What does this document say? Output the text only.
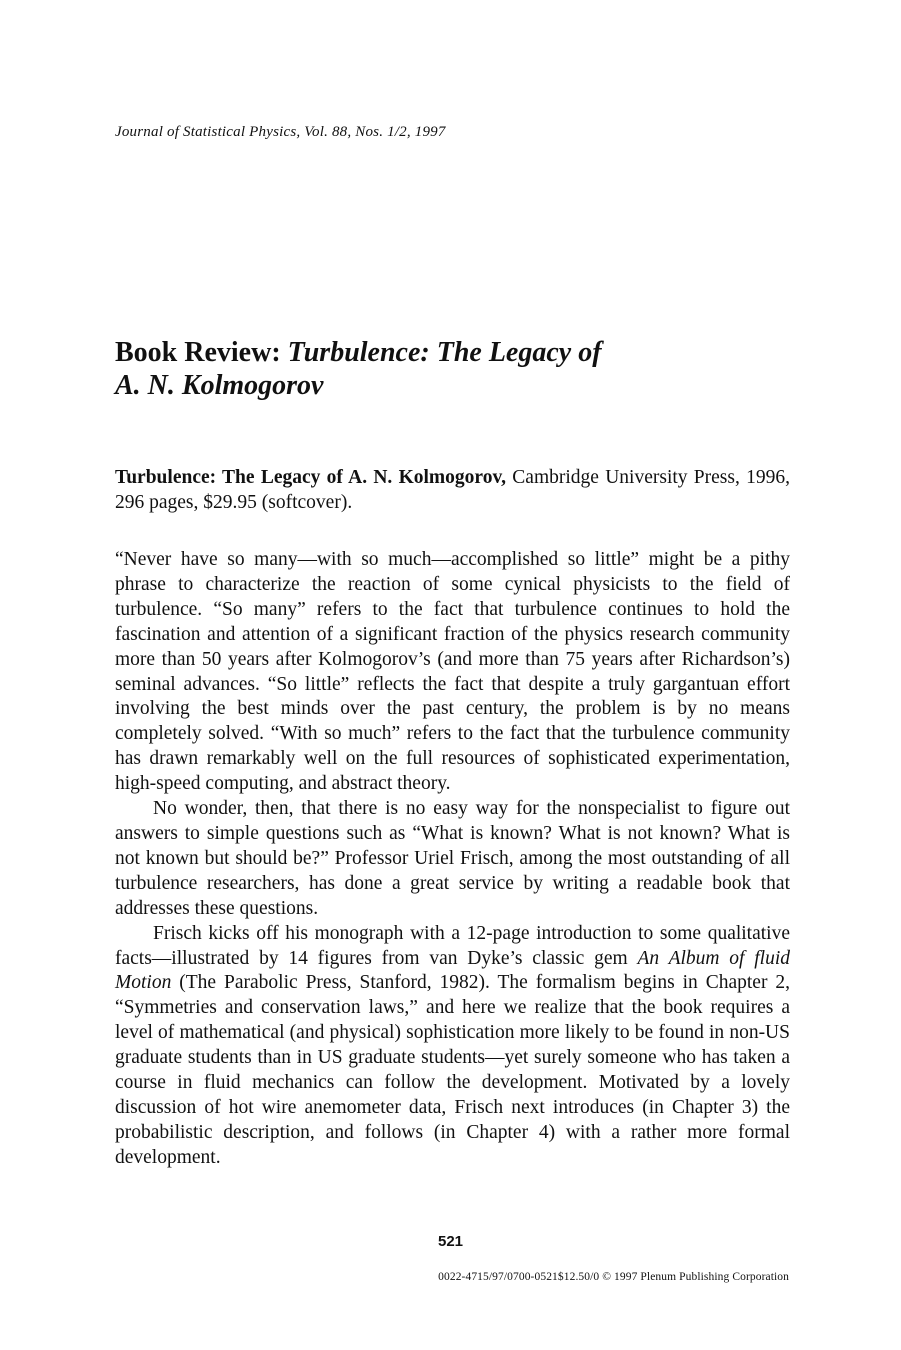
Journal of Statistical Physics, Vol. 88, Nos. 1/2, 1997
Book Review: Turbulence: The Legacy of
A. N. Kolmogorov

Turbulence: The Legacy of A. N. Kolmogorov, Cambridge University Press, 1996, 296 pages, $29.95 (softcover).

“Never have so many—with so much—accomplished so little” might be a pithy phrase to characterize the reaction of some cynical physicists to the field of turbulence. “So many” refers to the fact that turbulence continues to hold the fascination and attention of a significant fraction of the physics research community more than 50 years after Kolmogorov’s (and more than 75 years after Richardson’s) seminal advances. “So little” reflects the fact that despite a truly gargantuan effort involving the best minds over the past century, the problem is by no means completely solved. “With so much” refers to the fact that the turbulence community has drawn remarkably well on the full resources of sophisticated experimentation, high-speed computing, and abstract theory.

No wonder, then, that there is no easy way for the nonspecialist to figure out answers to simple questions such as “What is known? What is not known? What is not known but should be?” Professor Uriel Frisch, among the most outstanding of all turbulence researchers, has done a great service by writing a readable book that addresses these questions.

Frisch kicks off his monograph with a 12-page introduction to some qualitative facts—illustrated by 14 figures from van Dyke’s classic gem An Album of fluid Motion (The Parabolic Press, Stanford, 1982). The formalism begins in Chapter 2, “Symmetries and conservation laws,” and here we realize that the book requires a level of mathematical (and physical) sophistication more likely to be found in non-US graduate students than in US graduate students—yet surely someone who has taken a course in fluid mechanics can follow the development. Motivated by a lovely discussion of hot wire anemometer data, Frisch next introduces (in Chapter 3) the probabilistic description, and follows (in Chapter 4) with a rather more formal development.

521
0022-4715/97/0700-0521$12.50/0 © 1997 Plenum Publishing Corporation
